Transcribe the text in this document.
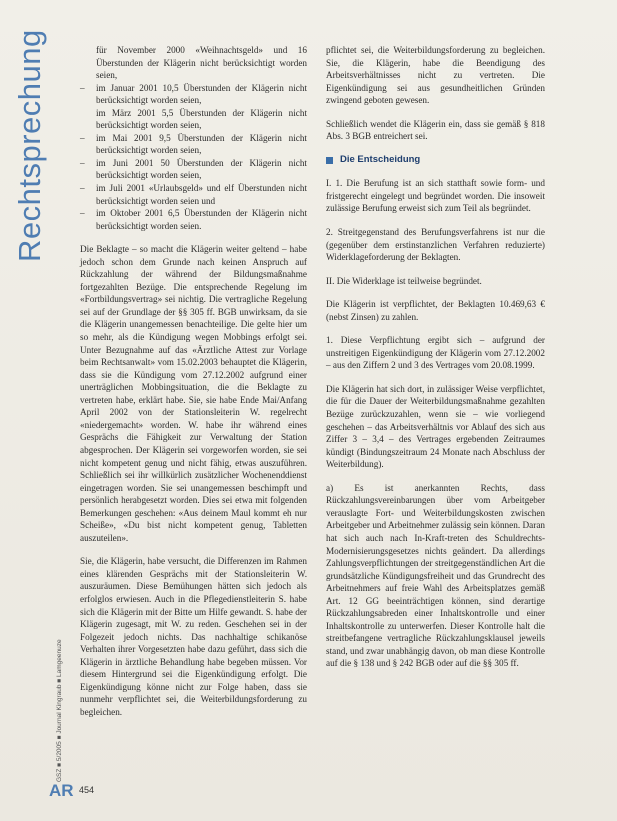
Rechtsprechung	für November 2000 «Weihnachtsgeld» und 16 Überstunden der Klägerin nicht berücksichtigt worden seien,
– im Januar 2001 10,5 Überstunden der Klägerin nicht berücksichtigt worden seien,
im März 2001 5,5 Überstunden der Klägerin nicht berücksichtigt worden seien,
– im Mai 2001 9,5 Überstunden der Klägerin nicht berücksichtigt worden seien,
– im Juni 2001 50 Überstunden der Klägerin nicht berücksichtigt worden seien,
– im Juli 2001 «Urlaubsgeld» und elf Überstunden nicht berücksichtigt worden seien und
– im Oktober 2001 6,5 Überstunden der Klägerin nicht berücksichtigt worden seien.

Die Beklagte – so macht die Klägerin weiter geltend – habe jedoch schon dem Grunde nach keinen Anspruch auf Rückzahlung der während der Bildungsmaßnahme fortgezahlten Bezüge. Die entsprechende Regelung im «Fortbildungsvertrag» sei nichtig. Die vertragliche Regelung sei auf der Grundlage der §§ 305 ff. BGB unwirksam, da sie die Klägerin unangemessen benachteilige. Die gelte hier um so mehr, als die Kündigung wegen Mobbings erfolgt sei. Unter Bezugnahme auf das «Ärztliche Attest zur Vorlage beim Rechtsanwalt» vom 15.02.2003 behauptet die Klägerin, dass sie die Kündigung vom 27.12.2002 aufgrund einer unerträglichen Mobbingsituation, die die Beklagte zu vertreten habe, erklärt habe. Sie, sie habe Ende Mai/Anfang April 2002 von der Stationsleiterin W. regelrecht «niedergemacht» worden. W. habe ihr während eines Gesprächs die Fähigkeit zur Verwaltung der Station abgesprochen. Der Klägerin sei vorgeworfen worden, sie sei nicht kompetent genug und nicht fähig, etwas auszuführen. Schließlich sei ihr willkürlich zusätzlicher Wochenenddienst eingetragen worden. Sie sei unangemessen beschimpft und persönlich herabgesetzt worden. Dies sei etwa mit folgenden Bemerkungen geschehen: «Aus deinem Maul kommt eh nur Scheiße», «Du bist nicht kompetent genug, Tabletten auszuteilen».

Sie, die Klägerin, habe versucht, die Differenzen im Rahmen eines klärenden Gesprächs mit der Stationsleiterin W. auszuräumen. Diese Bemühungen hätten sich jedoch als erfolglos erwiesen. Auch in die Pflegedienstleiterin S. habe sich die Klägerin mit der Bitte um Hilfe gewandt. S. habe der Klägerin zugesagt, mit W. zu reden. Geschehen sei in der Folgezeit jedoch nichts. Das nachhaltige schikanöse Verhalten ihrer Vorgesetzten habe dazu geführt, dass sich die Klägerin in ärztliche Behandlung habe begeben müssen. Vor diesem Hintergrund sei die Eigenkündigung erfolgt. Die Eigenkündigung könne nicht zur Folge haben, dass sie nunmehr verpflichtet sei, die Weiterbildungsforderung zu begleichen.

pflichtet sei, die Weiterbildungsforderung zu begleichen. Sie, die Klägerin, habe die Beendigung des Arbeitsverhältnisses nicht zu vertreten. Die Eigenkündigung sei aus gesundheitlichen Gründen zwingend geboten gewesen.

Schließlich wendet die Klägerin ein, dass sie gemäß § 818 Abs. 3 BGB entreichert sei.

Die Entscheidung

I. 1. Die Berufung ist an sich statthaft sowie form- und fristgerecht eingelegt und begründet worden. Die insoweit zulässige Berufung erweist sich zum Teil als begründet.

2. Streitgegenstand des Berufungsverfahrens ist nur die (gegenüber dem erstinstanzlichen Verfahren reduzierte) Widerklageforderung der Beklagten.

II. Die Widerklage ist teilweise begründet.

Die Klägerin ist verpflichtet, der Beklagten 10.469,63 € (nebst Zinsen) zu zahlen.

1. Diese Verpflichtung ergibt sich – aufgrund der unstreitigen Eigenkündigung der Klägerin vom 27.12.2002 – aus den Ziffern 2 und 3 des Vertrages vom 20.08.1999.

Die Klägerin hat sich dort, in zulässiger Weise verpflichtet, die für die Dauer der Weiterbildungsmaßnahme gezahlten Bezüge zurückzuzahlen, wenn sie – wie vorliegend geschehen – das Arbeitsverhältnis vor Ablauf des sich aus Ziffer 3 – 3,4 – des Vertrages ergebenden Zeitraumes kündigt (Bindungszeitraum 24 Monate nach Abschluss der Weiterbildung).

a) Es ist anerkannten Rechts, dass Rückzahlungsvereinbarungen über vom Arbeitgeber verauslagte Fort- und Weiterbildungskosten zwischen Arbeitgeber und Arbeitnehmer zulässig sein können. Daran hat sich auch nach In-Kraft-treten des Schuldrechts-Modernisierungsgesetzes nichts geändert. Da allerdings Zahlungsverpflichtungen der streitgegenständlichen Art die grundsätzliche Kündigungsfreiheit und das Grundrecht des Arbeitnehmers auf freie Wahl des Arbeitsplatzes gemäß Art. 12 GG beeinträchtigen können, sind derartige Rückzahlungsabreden einer Inhaltskontrolle und einer Inhaltskontrolle zu unterwerfen. Dieser Kontrolle halt die streitbefangene vertragliche Rückzahlungsklausel jeweils stand, und zwar unabhängig davon, ob man diese Kontrolle auf die § 138 und § 242 BGB oder auf die §§ 305 ff.

GSZ ■ 5/2005 ■ Journal Kingraub ■ Lamgeenuze
AR 454
